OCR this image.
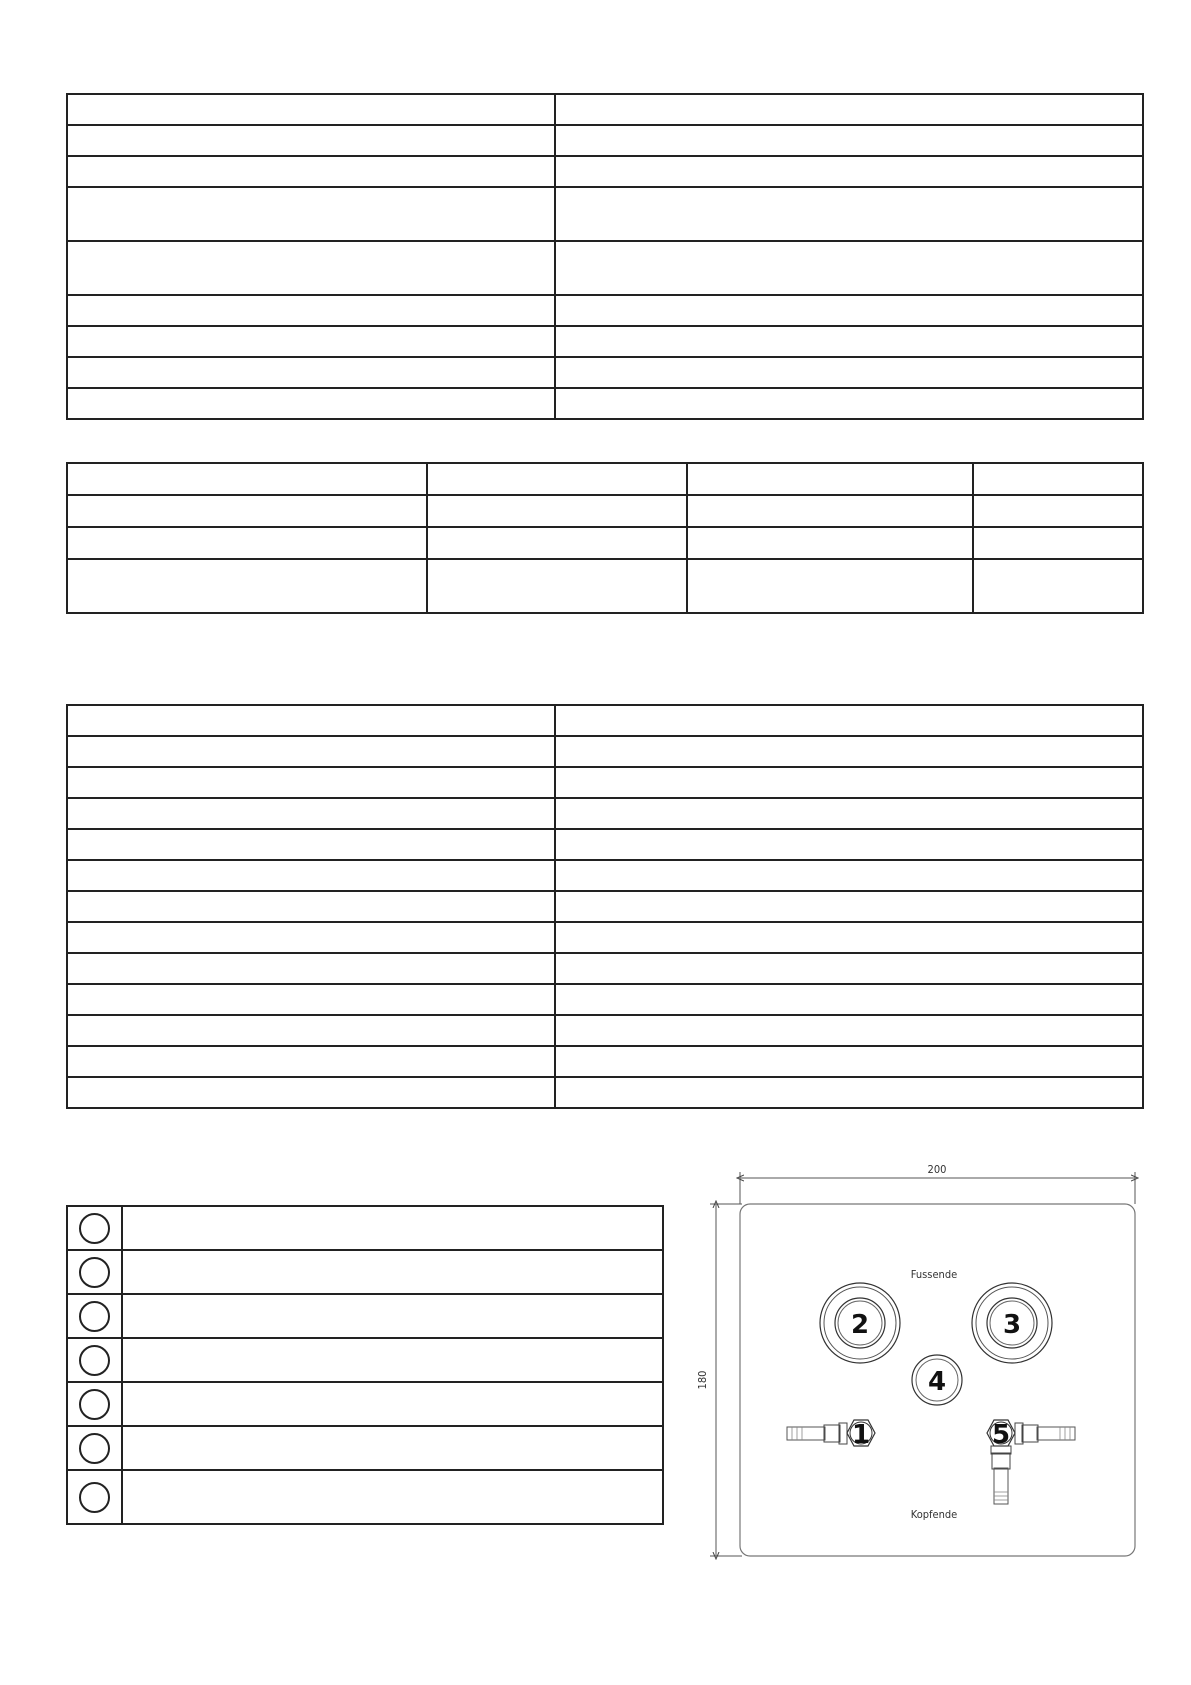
200
180
Fussende
Kopfende
2	3
4
1	5
